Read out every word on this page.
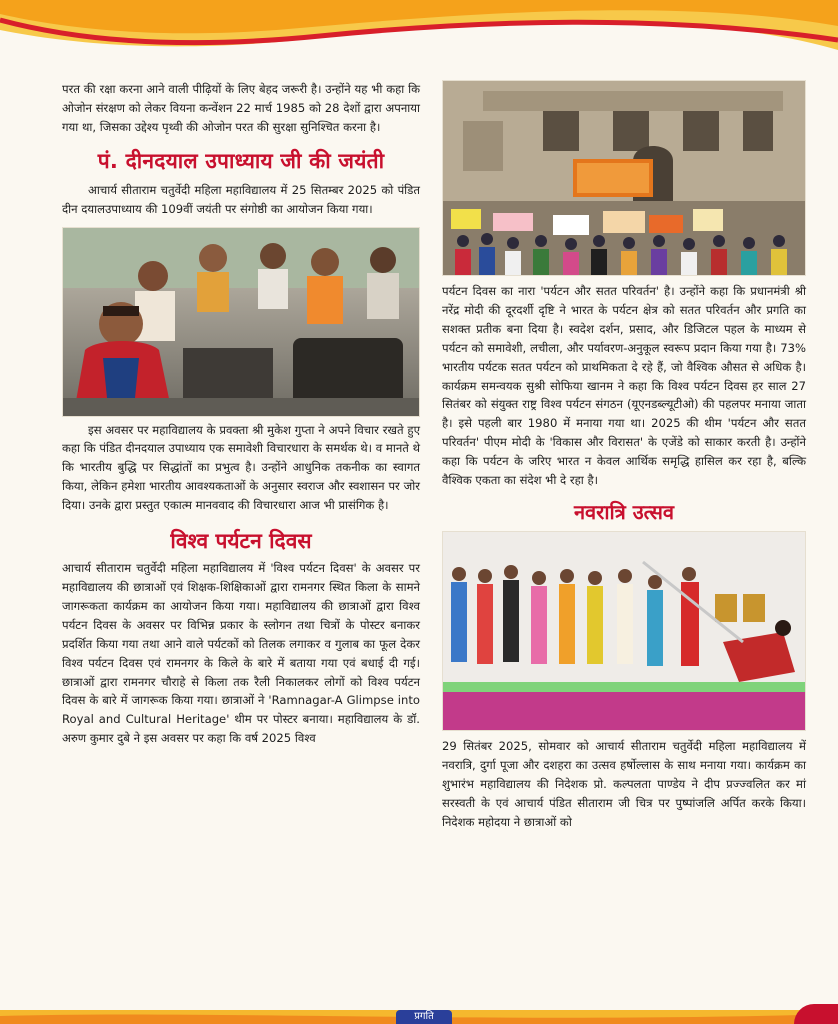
परत की रक्षा करना आने वाली पीढ़ियों के लिए बेहद जरूरी है। उन्होंने यह भी कहा कि ओजोन संरक्षण को लेकर वियना कन्वेंशन 22 मार्च 1985 को 28 देशों द्वारा अपनाया गया था, जिसका उद्देश्य पृथ्वी की ओजोन परत की सुरक्षा सुनिश्चित करना है।

पं. दीनदयाल उपाध्याय जी की जयंती

आचार्य सीताराम चतुर्वेदी महिला महाविद्यालय में 25 सितम्बर 2025 को पंडित दीन दयालउपाध्याय की 109वीं जयंती पर संगोष्ठी का आयोजन किया गया।

इस अवसर पर महाविद्यालय के प्रवक्ता श्री मुकेश गुप्ता ने अपने विचार रखते हुए कहा कि पंडित दीनदयाल उपाध्याय एक समावेशी विचारधारा के समर्थक थे। व मानते थे कि भारतीय बुद्धि पर सिद्धांतों का प्रभुत्व है। उन्होंने आधुनिक तकनीक का स्वागत किया, लेकिन हमेशा भारतीय आवश्यकताओं के अनुसार स्वराज और स्वशासन पर जोर दिया। उनके द्वारा प्रस्तुत एकात्म मानववाद की विचारधारा आज भी प्रासंगिक है।

विश्व पर्यटन दिवस

आचार्य सीताराम चतुर्वेदी महिला महाविद्यालय में 'विश्व पर्यटन दिवस' के अवसर पर महाविद्यालय की छात्राओं एवं शिक्षक-शिक्षिकाओं द्वारा रामनगर स्थित किला के सामने जागरूकता कार्यक्रम का आयोजन किया गया। महाविद्यालय की छात्राओं द्वारा विश्व पर्यटन दिवस के अवसर पर विभिन्न प्रकार के स्लोगन तथा चित्रों के पोस्टर बनाकर प्रदर्शित किया गया तथा आने वाले पर्यटकों को तिलक लगाकर व गुलाब का फूल देकर विश्व पर्यटन दिवस एवं रामनगर के किले के बारे में बताया गया एवं बधाई दी गई। छात्राओं द्वारा रामनगर चौराहे से किला तक रैली निकालकर लोगों को विश्व पर्यटन दिवस के बारे में जागरूक किया गया। छात्राओं ने 'Ramnagar-A Glimpse into Royal and Cultural Heritage' थीम पर पोस्टर बनाया। महाविद्यालय के डॉ. अरुण कुमार दुबे ने इस अवसर पर कहा कि वर्ष 2025 विश्व

पर्यटन दिवस का नारा 'पर्यटन और सतत परिवर्तन' है। उन्होंने कहा कि प्रधानमंत्री श्री नरेंद्र मोदी की दूरदर्शी दृष्टि ने भारत के पर्यटन क्षेत्र को सतत परिवर्तन और प्रगति का सशक्त प्रतीक बना दिया है। स्वदेश दर्शन, प्रसाद, और डिजिटल पहल के माध्यम से पर्यटन को समावेशी, लचीला, और पर्यावरण-अनुकूल स्वरूप प्रदान किया गया है। 73% भारतीय पर्यटक सतत पर्यटन को प्राथमिकता दे रहे हैं, जो वैश्विक औसत से अधिक है। कार्यक्रम समन्वयक सुश्री सोफिया खानम ने कहा कि विश्व पर्यटन दिवस हर साल 27 सितंबर को संयुक्त राष्ट्र विश्व पर्यटन संगठन (यूएनडब्ल्यूटीओ) की पहलपर मनाया जाता है। इसे पहली बार 1980 में मनाया गया था। 2025 की थीम 'पर्यटन और सतत परिवर्तन' पीएम मोदी के 'विकास और विरासत' के एजेंडे को साकार करती है। उन्होंने कहा कि पर्यटन के जरिए भारत न केवल आर्थिक समृद्धि हासिल कर रहा है, बल्कि वैश्विक एकता का संदेश भी दे रहा है।

नवरात्रि उत्सव

29 सितंबर 2025, सोमवार को आचार्य सीताराम चतुर्वेदी महिला महाविद्यालय में नवरात्रि, दुर्गा पूजा और दशहरा का उत्सव हर्षोल्लास के साथ मनाया गया। कार्यक्रम का शुभारंभ महाविद्यालय की निदेशक प्रो. कल्पलता पाण्डेय ने दीप प्रज्ज्वलित कर मां सरस्वती के एवं आचार्य पंडित सीताराम जी चित्र पर पुष्पांजलि अर्पित करके किया। निदेशक महोदया ने छात्राओं को

प्रगति
